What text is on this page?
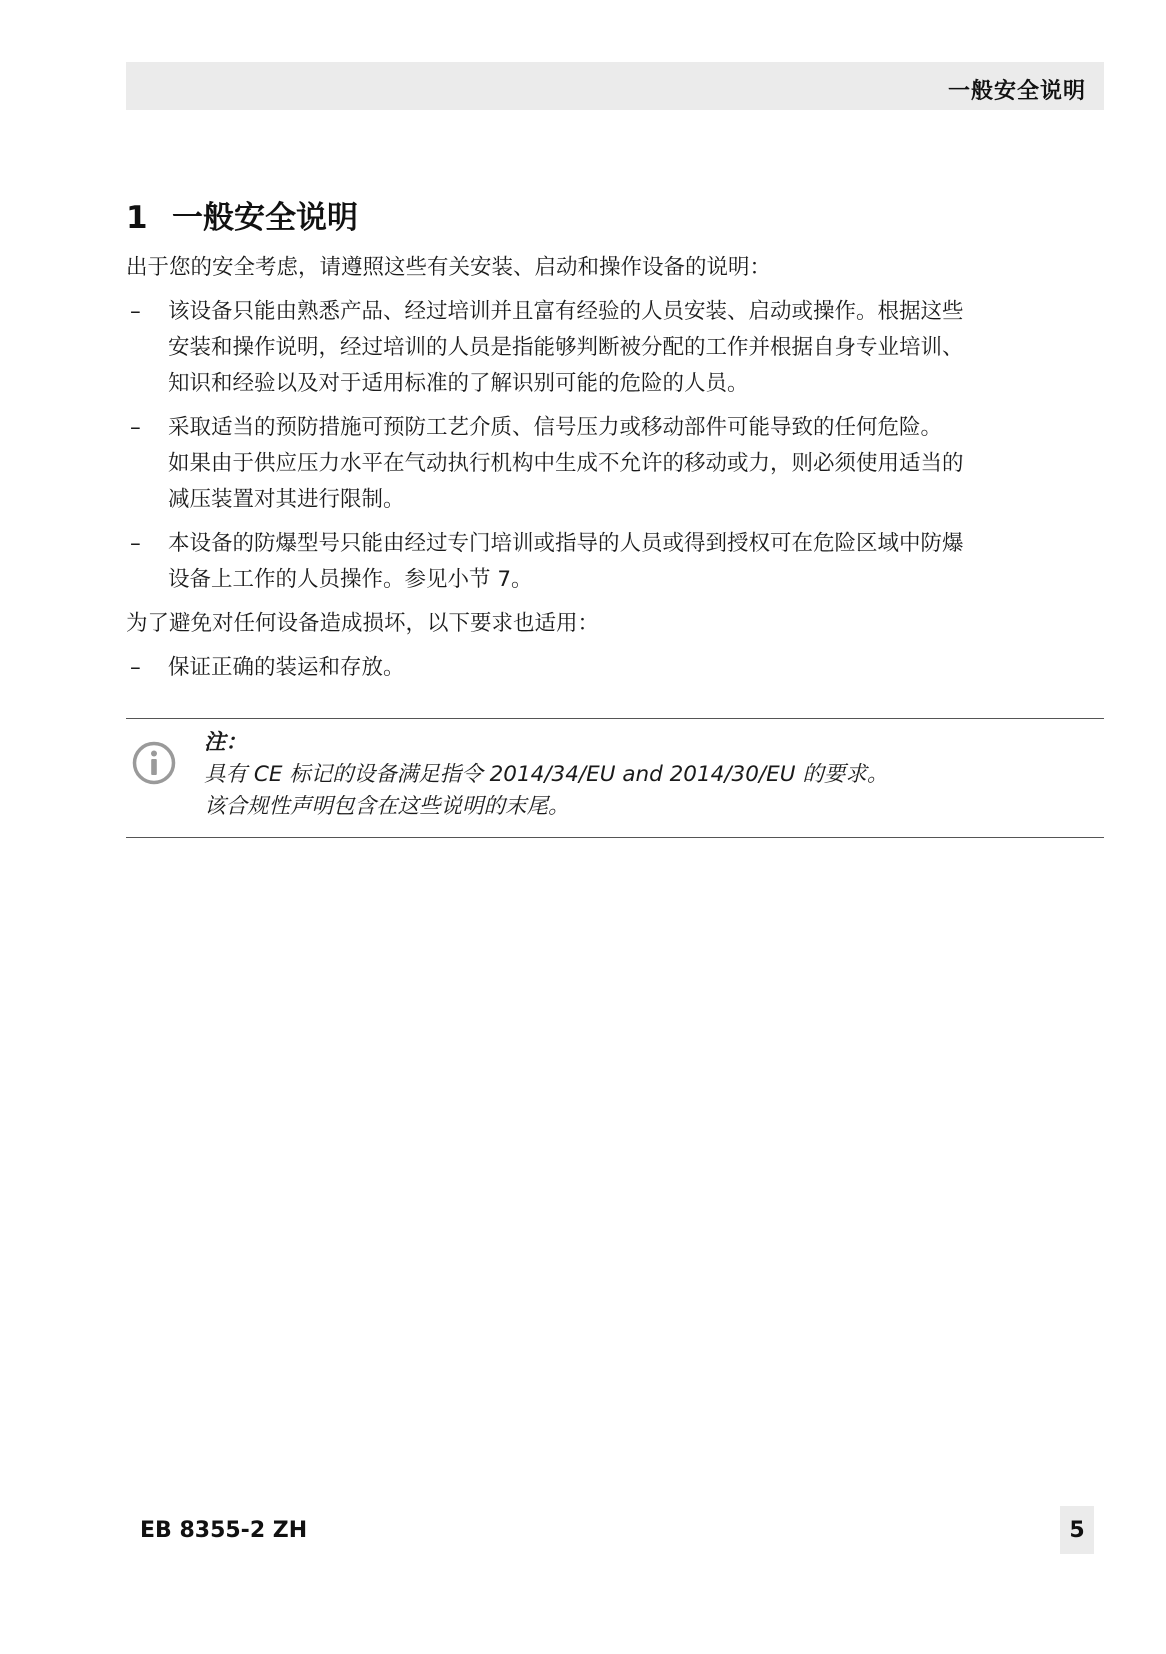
一般安全说明
1 一般安全说明
出于您的安全考虑，请遵照这些有关安装、启动和操作设备的说明：
–	该设备只能由熟悉产品、经过培训并且富有经验的人员安装、启动或操作。根据这些
安装和操作说明，经过培训的人员是指能够判断被分配的工作并根据自身专业培训、
知识和经验以及对于适用标准的了解识别可能的危险的人员。
–	采取适当的预防措施可预防工艺介质、信号压力或移动部件可能导致的任何危险。
如果由于供应压力水平在气动执行机构中生成不允许的移动或力，则必须使用适当的
减压装置对其进行限制。
–	本设备的防爆型号只能由经过专门培训或指导的人员或得到授权可在危险区域中防爆
设备上工作的人员操作。参见小节 7。
为了避免对任何设备造成损坏，以下要求也适用：
–	保证正确的装运和存放。
注：
具有 CE 标记的设备满足指令 2014/34/EU and 2014/30/EU 的要求。
该合规性声明包含在这些说明的末尾。
EB 8355-2 ZH	5
